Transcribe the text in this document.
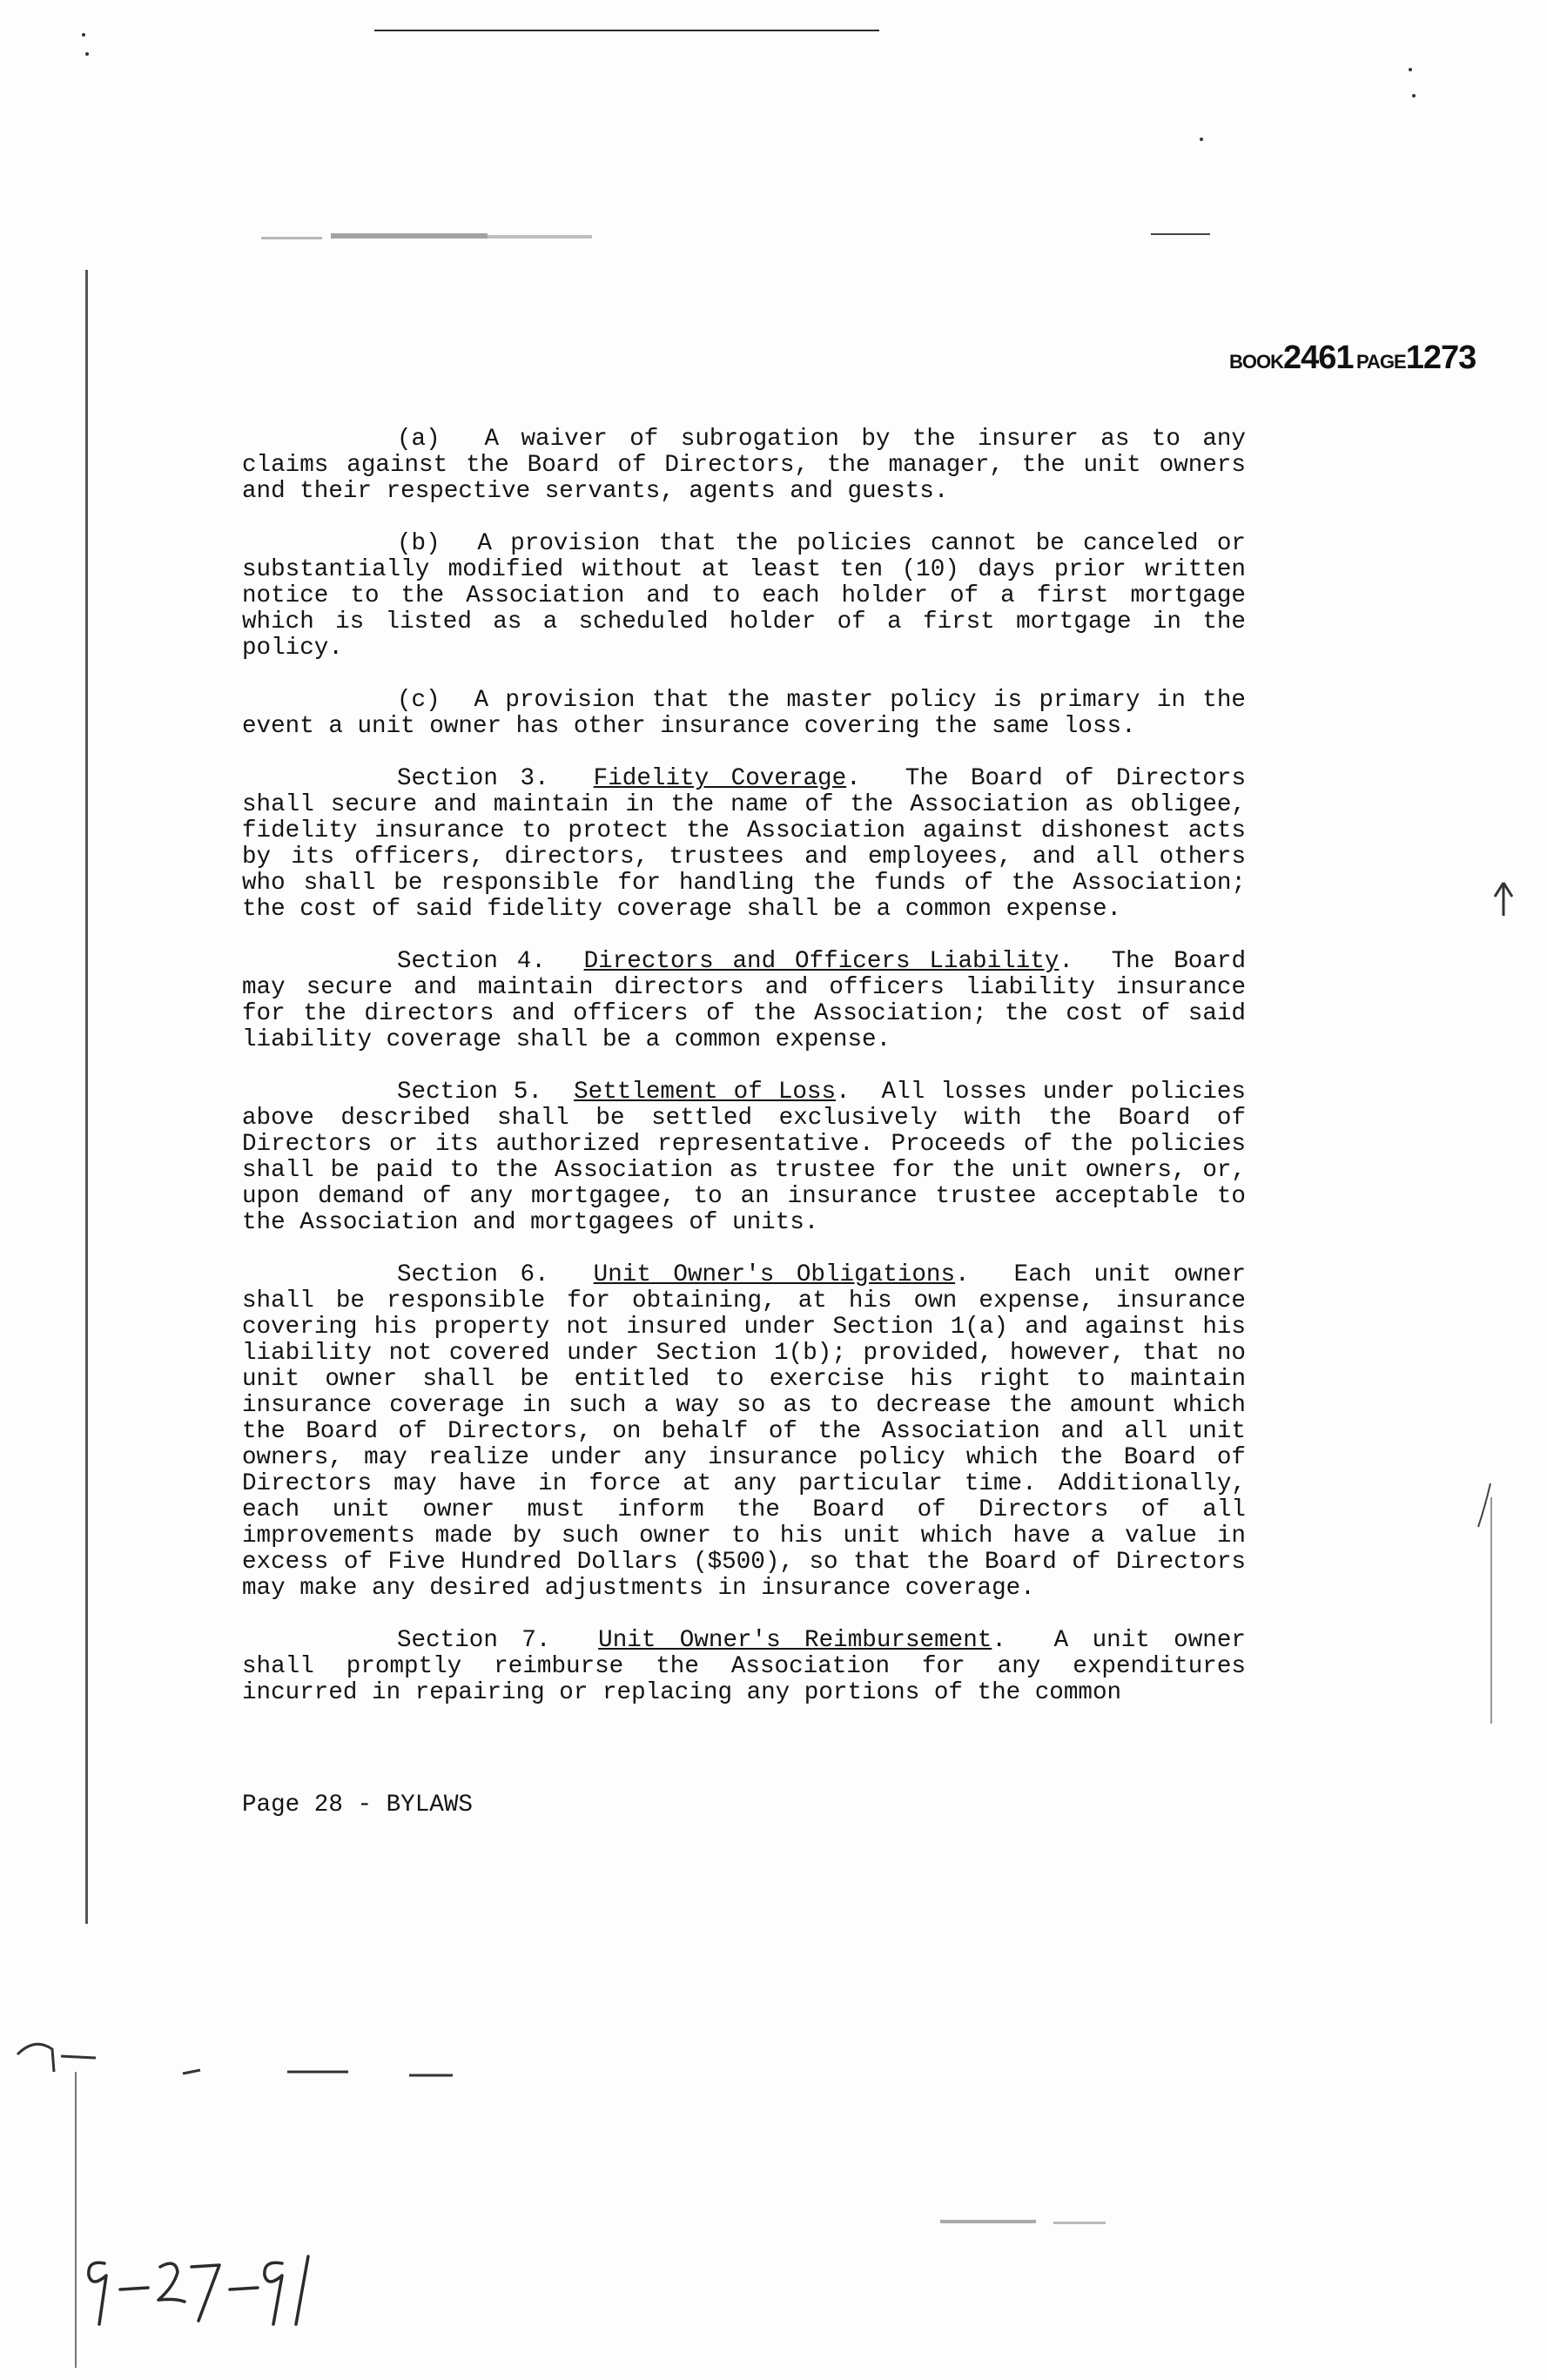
BOOK2461 PAGE1273

(a) A waiver of subrogation by the insurer as to any claims against the Board of Directors, the manager, the unit owners and their respective servants, agents and guests.

(b) A provision that the policies cannot be canceled or substantially modified without at least ten (10) days prior written notice to the Association and to each holder of a first mortgage which is listed as a scheduled holder of a first mortgage in the policy.

(c) A provision that the master policy is primary in the event a unit owner has other insurance covering the same loss.

Section 3. Fidelity Coverage.  The Board of Directors shall secure and maintain in the name of the Association as obligee, fidelity insurance to protect the Association against dishonest acts by its officers, directors, trustees and employees, and all others who shall be responsible for handling the funds of the Association; the cost of said fidelity coverage shall be a common expense.

Section 4. Directors and Officers Liability.  The Board may secure and maintain directors and officers liability insurance for the directors and officers of the Association; the cost of said liability coverage shall be a common expense.

Section 5. Settlement of Loss.  All losses under policies above described shall be settled exclusively with the Board of Directors or its authorized representative. Proceeds of the policies shall be paid to the Association as trustee for the unit owners, or, upon demand of any mortgagee, to an insurance trustee acceptable to the Association and mortgagees of units.

Section 6. Unit Owner's Obligations.  Each unit owner shall be responsible for obtaining, at his own expense, insurance covering his property not insured under Section 1(a) and against his liability not covered under Section 1(b); provided, however, that no unit owner shall be entitled to exercise his right to maintain insurance coverage in such a way so as to decrease the amount which the Board of Directors, on behalf of the Association and all unit owners, may realize under any insurance policy which the Board of Directors may have in force at any particular time. Additionally, each unit owner must inform the Board of Directors of all improvements made by such owner to his unit which have a value in excess of Five Hundred Dollars ($500), so that the Board of Directors may make any desired adjustments in insurance coverage.

Section 7. Unit Owner's Reimbursement.  A unit owner shall promptly reimburse the Association for any expenditures incurred in repairing or replacing any portions of the common

Page 28 - BYLAWS
